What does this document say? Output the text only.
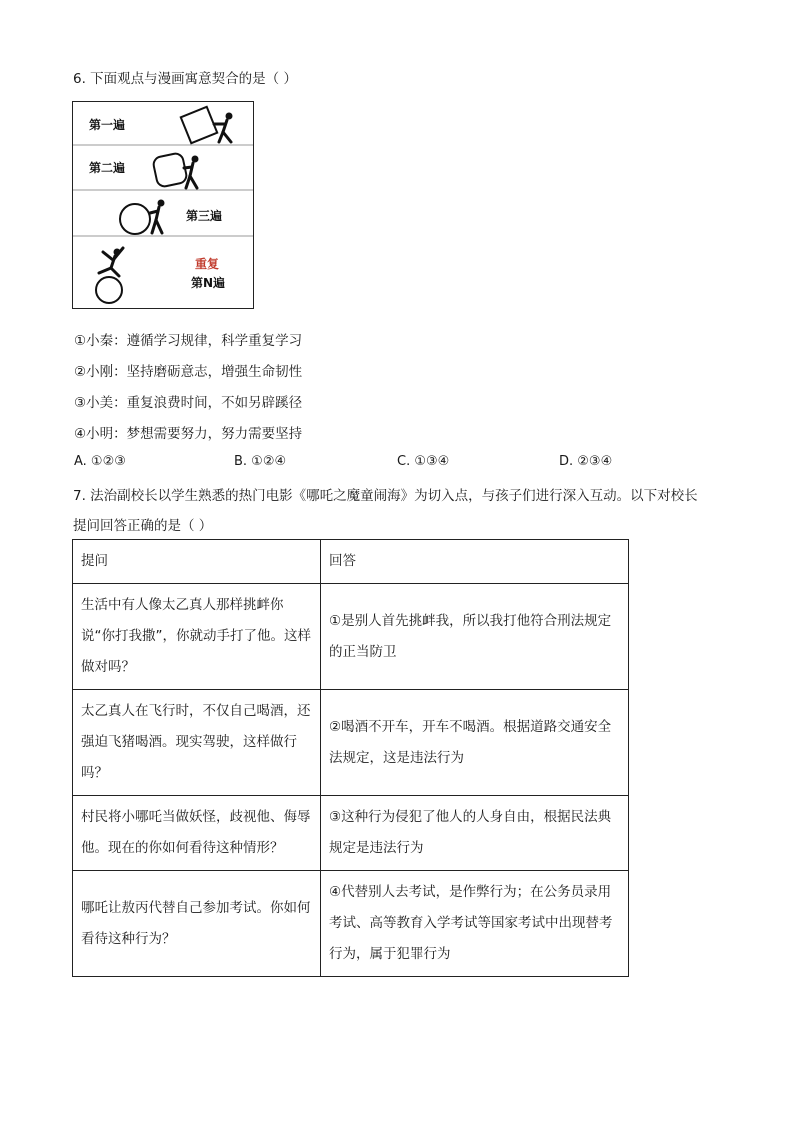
6. 下面观点与漫画寓意契合的是（ ）
第一遍
第二遍
第三遍
重复
第N遍
①小秦：遵循学习规律，科学重复学习
②小刚：坚持磨砺意志，增强生命韧性
③小美：重复浪费时间，不如另辟蹊径
④小明：梦想需要努力，努力需要坚持
A. ①②③	B. ①②④	C. ①③④	D. ②③④
7. 法治副校长以学生熟悉的热门电影《哪吒之魔童闹海》为切入点，与孩子们进行深入互动。以下对校长
提问回答正确的是（ ）
提问	回答
生活中有人像太乙真人那样挑衅你说“你打我撒”，你就动手打了他。这样做对吗？	①是别人首先挑衅我，所以我打他符合刑法规定的正当防卫
太乙真人在飞行时，不仅自己喝酒，还强迫飞猪喝酒。现实驾驶，这样做行吗？	②喝酒不开车，开车不喝酒。根据道路交通安全法规定，这是违法行为
村民将小哪吒当做妖怪，歧视他、侮辱他。现在的你如何看待这种情形？	③这种行为侵犯了他人的人身自由，根据民法典规定是违法行为
哪吒让敖丙代替自己参加考试。你如何看待这种行为？	④代替别人去考试，是作弊行为；在公务员录用考试、高等教育入学考试等国家考试中出现替考行为，属于犯罪行为
